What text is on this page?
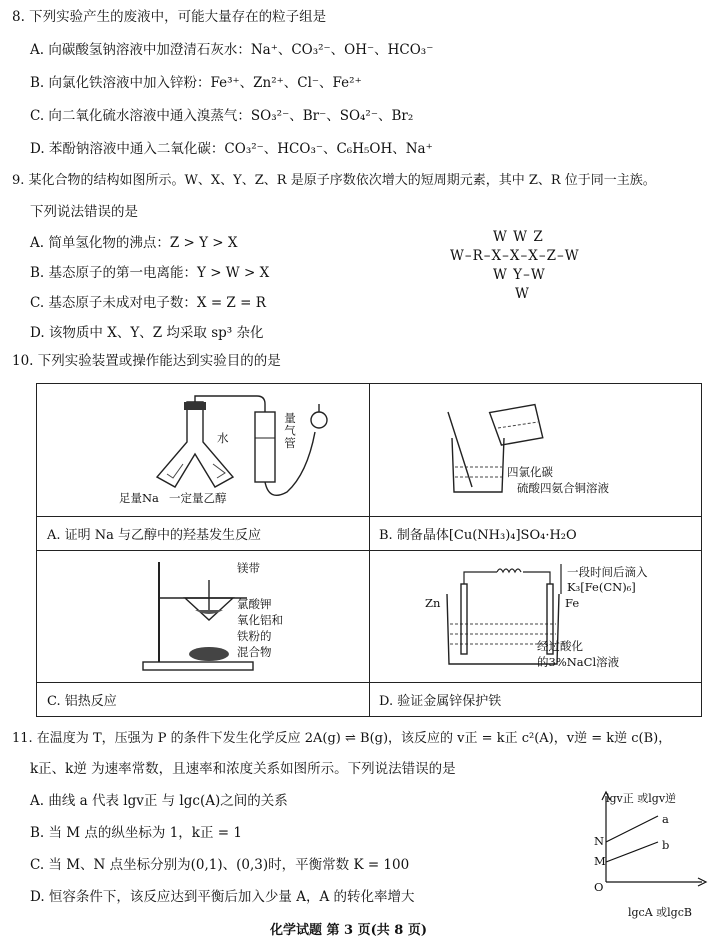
8. 下列实验产生的废液中，可能大量存在的粒子组是
A. 向碳酸氢钠溶液中加澄清石灰水：Na⁺、CO₃²⁻、OH⁻、HCO₃⁻
B. 向氯化铁溶液中加入锌粉：Fe³⁺、Zn²⁺、Cl⁻、Fe²⁺
C. 向二氧化硫水溶液中通入溴蒸气：SO₃²⁻、Br⁻、SO₄²⁻、Br₂
D. 苯酚钠溶液中通入二氧化碳：CO₃²⁻、HCO₃⁻、C₆H₅OH、Na⁺
9. 某化合物的结构如图所示。W、X、Y、Z、R 是原子序数依次增大的短周期元素，其中 Z、R 位于同一主族。
下列说法错误的是
A. 简单氢化物的沸点：Z > Y > X
B. 基态原子的第一电离能：Y > W > X
C. 基态原子未成对电子数：X = Z = R
D. 该物质中 X、Y、Z 均采取 sp³ 杂化
W W Z
W–R–X–X–X–Z–W
W Y–W
W
10. 下列实验装置或操作能达到实验目的的是
水	量气管
足量Na 一定量乙醇
A. 证明 Na 与乙醇中的羟基发生反应
四氯化碳
硫酸四氨合铜溶液
B. 制备晶体[Cu(NH₃)₄]SO₄·H₂O
镁带
氯酸钾
氧化铝和
铁粉的
混合物
C. 铝热反应
一段时间后滴入
K₃[Fe(CN)₆]
Zn	Fe
经过酸化
的3%NaCl溶液
D. 验证金属锌保护铁
11. 在温度为 T，压强为 P 的条件下发生化学反应 2A(g) ⇌ B(g)，该反应的 v正 = k正 c²(A)，v逆 = k逆 c(B)，
k正、k逆 为速率常数，且速率和浓度关系如图所示。下列说法错误的是
A. 曲线 a 代表 lgv正 与 lgc(A)之间的关系
B. 当 M 点的纵坐标为 1，k正 = 1
C. 当 M、N 点坐标分别为(0,1)、(0,3)时，平衡常数 K = 100
D. 恒容条件下，该反应达到平衡后加入少量 A，A 的转化率增大
lgv正 或lgv逆
lgcA 或lgcB
a
b
N
M
O
化学试题 第 3 页(共 8 页)
